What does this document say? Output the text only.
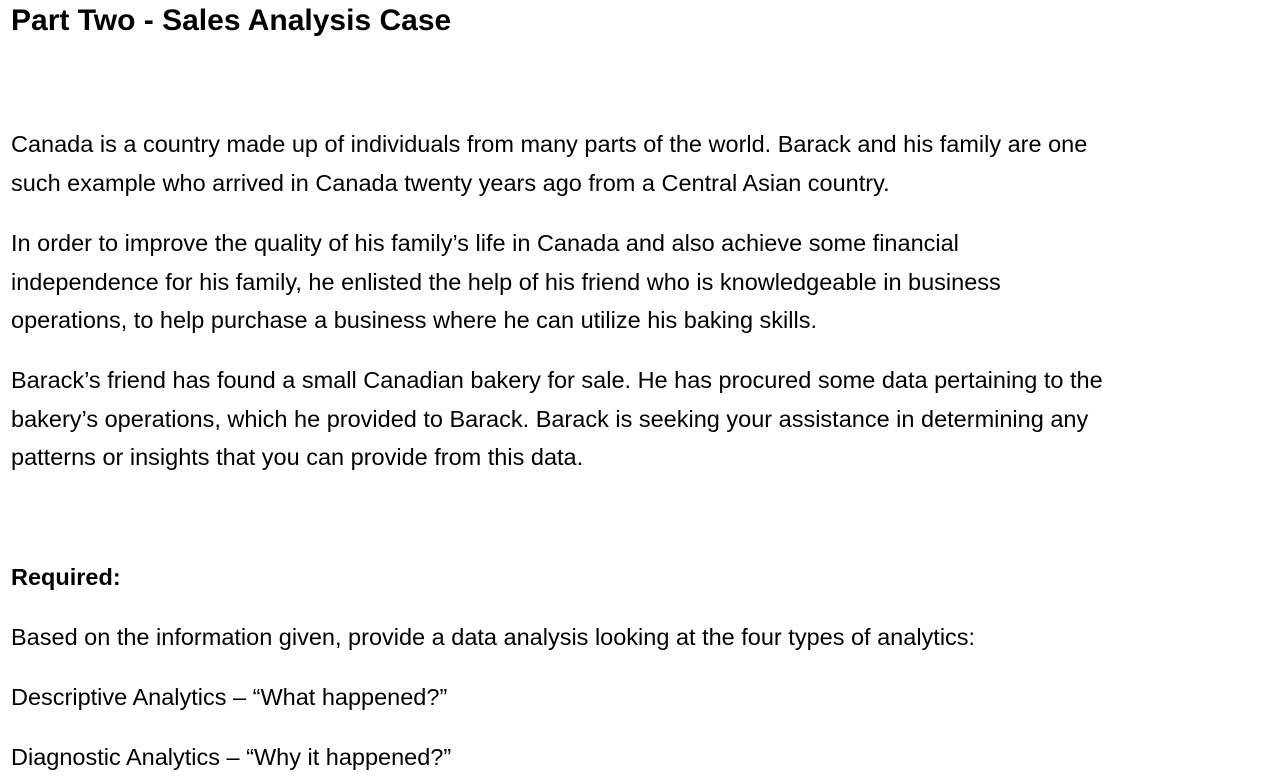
Part Two - Sales Analysis Case

Canada is a country made up of individuals from many parts of the world. Barack and his family are one
such example who arrived in Canada twenty years ago from a Central Asian country.

In order to improve the quality of his family’s life in Canada and also achieve some financial
independence for his family, he enlisted the help of his friend who is knowledgeable in business
operations, to help purchase a business where he can utilize his baking skills.

Barack’s friend has found a small Canadian bakery for sale. He has procured some data pertaining to the
bakery’s operations, which he provided to Barack. Barack is seeking your assistance in determining any
patterns or insights that you can provide from this data.

Required:

Based on the information given, provide a data analysis looking at the four types of analytics:

Descriptive Analytics – “What happened?”

Diagnostic Analytics – “Why it happened?”
